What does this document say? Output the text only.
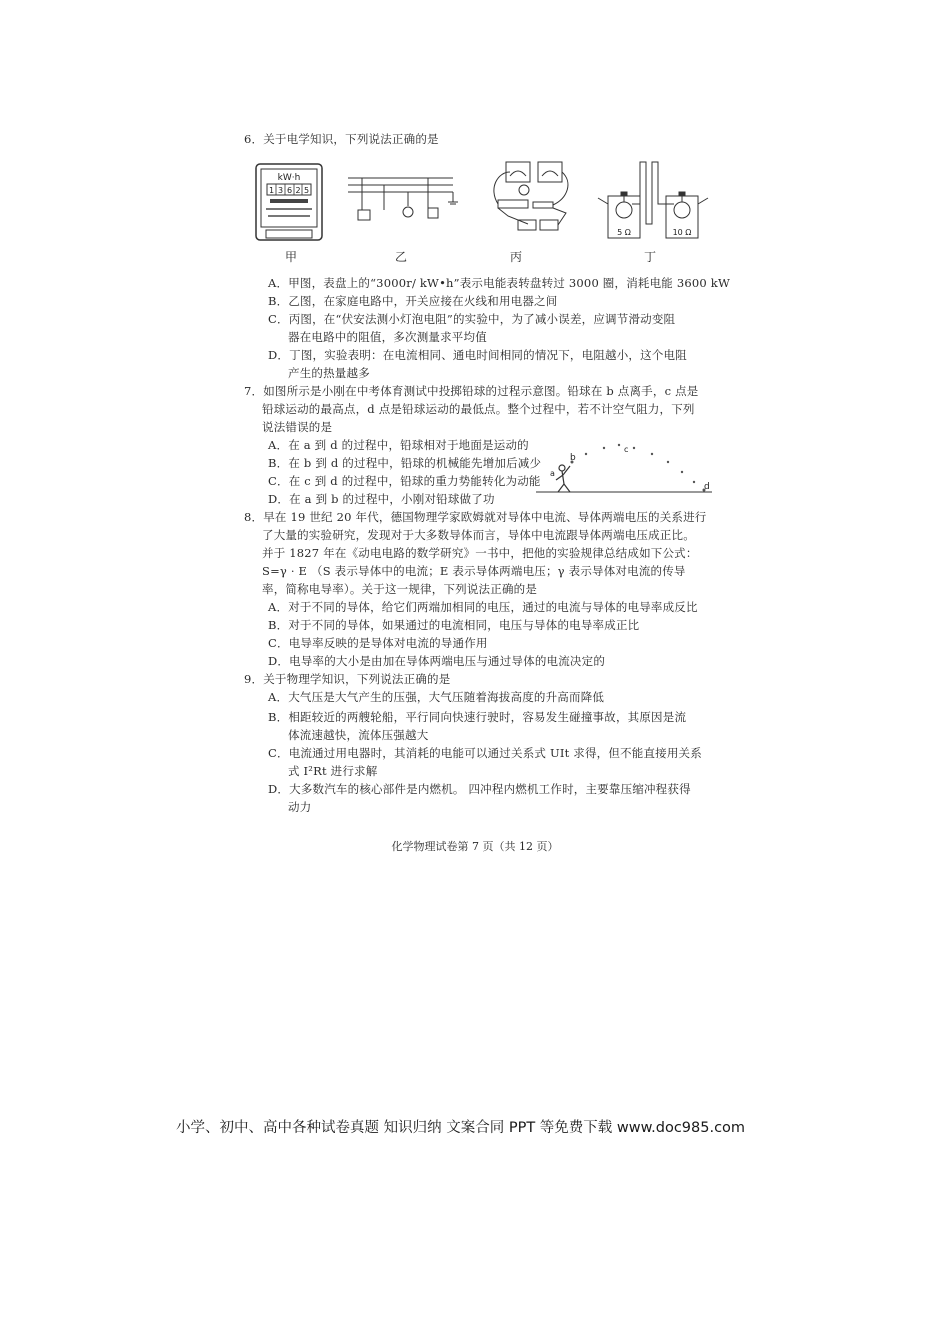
6．关于电学知识，下列说法正确的是
kW·h
1 3 6 2 5
5 Ω	10 Ω
甲	乙	丙	丁
A．甲图，表盘上的“3000r/ kW•h”表示电能表转盘转过 3000 圈，消耗电能 3600 kW
B．乙图，在家庭电路中，开关应接在火线和用电器之间
C．丙图，在“伏安法测小灯泡电阻”的实验中，为了减小误差，应调节滑动变阻
器在电路中的阻值，多次测量求平均值
D．丁图，实验表明：在电流相同、通电时间相同的情况下，电阻越小，这个电阻
产生的热量越多
7．如图所示是小刚在中考体育测试中投掷铅球的过程示意图。铅球在 b 点离手，c 点是
铅球运动的最高点，d 点是铅球运动的最低点。整个过程中，若不计空气阻力，下列
说法错误的是
A．在 a 到 d 的过程中，铅球相对于地面是运动的
B．在 b 到 d 的过程中，铅球的机械能先增加后减少
C．在 c 到 d 的过程中，铅球的重力势能转化为动能
D．在 a 到 b 的过程中，小刚对铅球做了功
a
b
c
d
8．早在 19 世纪 20 年代，德国物理学家欧姆就对导体中电流、导体两端电压的关系进行
了大量的实验研究，发现对于大多数导体而言，导体中电流跟导体两端电压成正比。
并于 1827 年在《动电电路的数学研究》一书中，把他的实验规律总结成如下公式：
S=γ · E （S 表示导体中的电流；E 表示导体两端电压；γ 表示导体对电流的传导
率，简称电导率）。关于这一规律，下列说法正确的是
A．对于不同的导体，给它们两端加相同的电压，通过的电流与导体的电导率成反比
B．对于不同的导体，如果通过的电流相同，电压与导体的电导率成正比
C．电导率反映的是导体对电流的导通作用
D．电导率的大小是由加在导体两端电压与通过导体的电流决定的
9．关于物理学知识，下列说法正确的是
A．大气压是大气产生的压强，大气压随着海拔高度的升高而降低
B．相距较近的两艘轮船，平行同向快速行驶时，容易发生碰撞事故，其原因是流
体流速越快，流体压强越大
C．电流通过用电器时，其消耗的电能可以通过关系式 UIt 求得，但不能直接用关系
式 I²Rt 进行求解
D．大多数汽车的核心部件是内燃机。 四冲程内燃机工作时，主要靠压缩冲程获得
动力
化学物理试卷第 7 页（共 12 页）
小学、初中、高中各种试卷真题 知识归纳 文案合同 PPT 等免费下载 www.doc985.com
